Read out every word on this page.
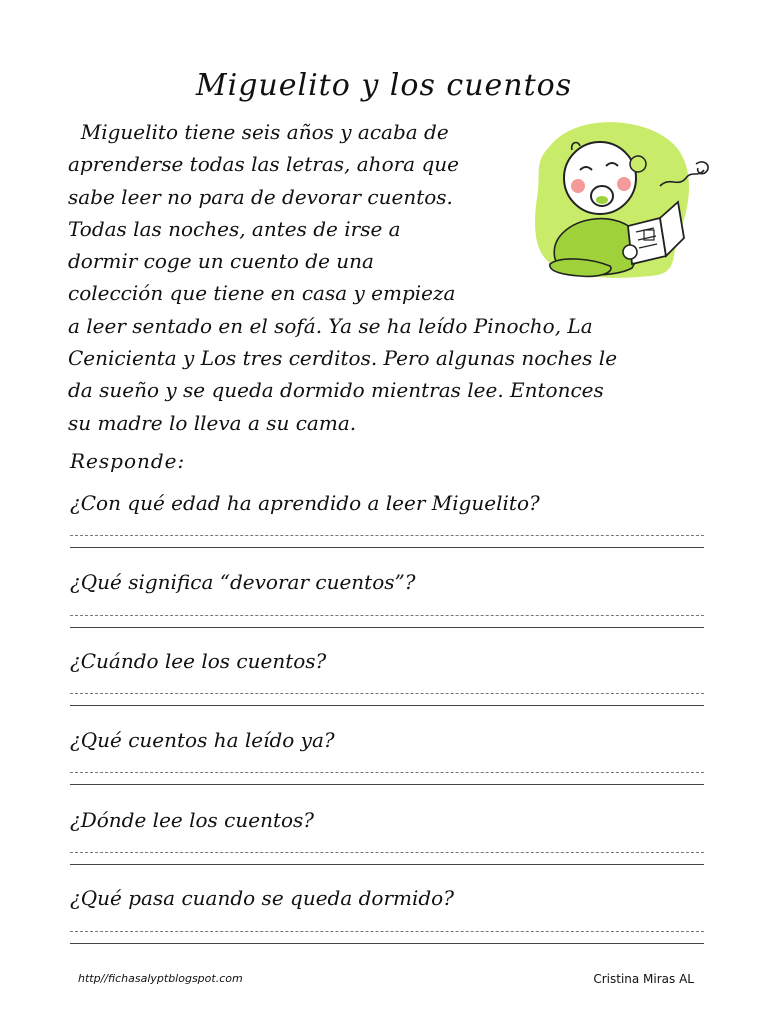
Miguelito y los cuentos
Miguelito tiene seis años y acaba de
aprenderse todas las letras, ahora que
sabe leer no para de devorar cuentos.
Todas las noches, antes de irse a
dormir coge un cuento de una
colección que tiene en casa y empieza
a leer sentado en el sofá. Ya se ha leído Pinocho, La
Cenicienta y Los tres cerditos. Pero algunas noches le
da sueño y se queda dormido mientras lee. Entonces
su madre lo lleva a su cama.
Responde:
¿Con qué edad ha aprendido a leer Miguelito?
¿Qué significa “devorar cuentos”?
¿Cuándo lee los cuentos?
¿Qué cuentos ha leído ya?
¿Dónde lee los cuentos?
¿Qué pasa cuando se queda dormido?
http//fichasalyptblogspot.com	Cristina Miras AL
